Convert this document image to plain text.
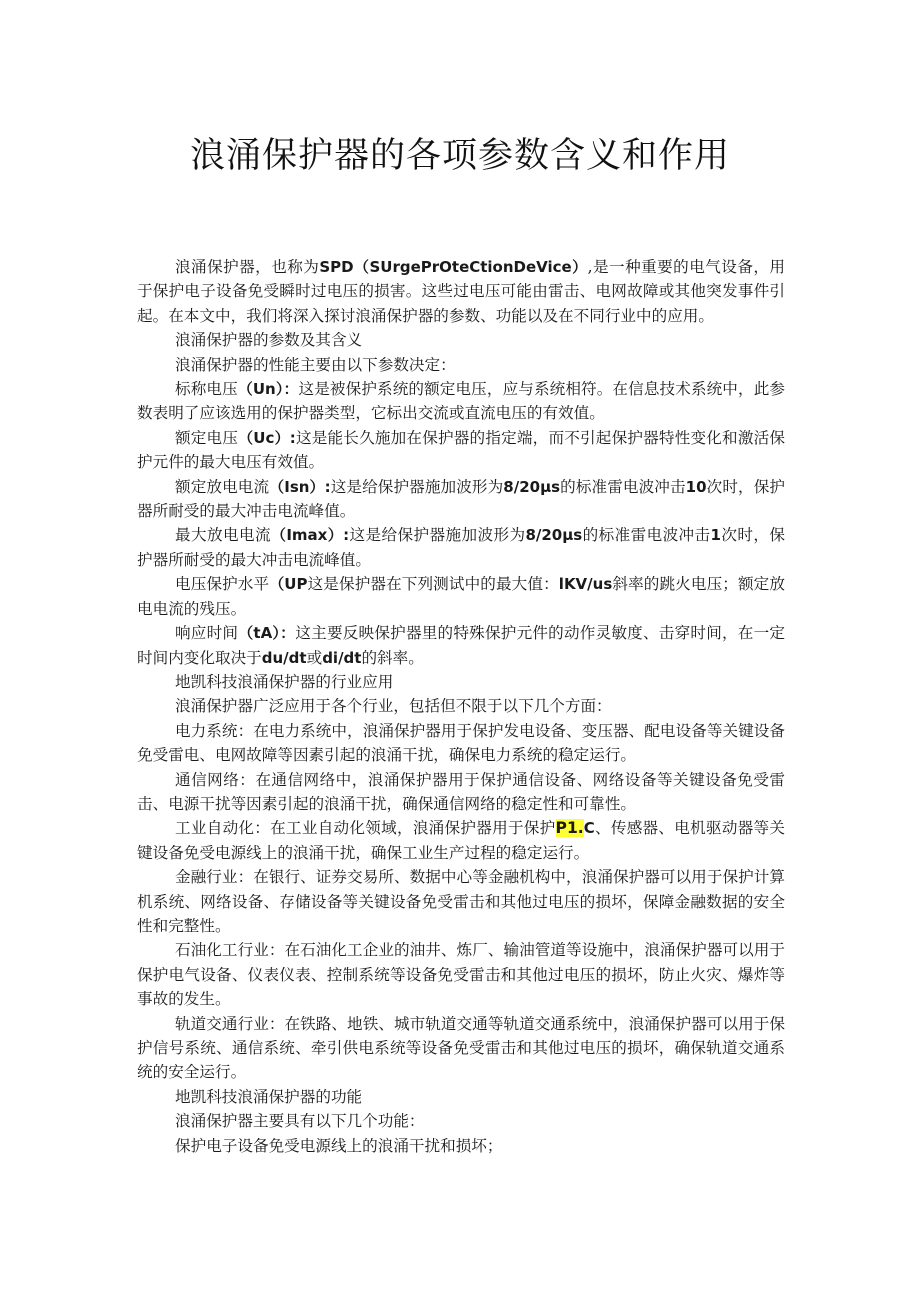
浪涌保护器的各项参数含义和作用

浪涌保护器，也称为SPD（SUrgePrOteCtionDeVice）,是一种重要的电气设备，用于保护电子设备免受瞬时过电压的损害。这些过电压可能由雷击、电网故障或其他突发事件引起。在本文中，我们将深入探讨浪涌保护器的参数、功能以及在不同行业中的应用。

浪涌保护器的参数及其含义

浪涌保护器的性能主要由以下参数决定：

标称电压（Un）：这是被保护系统的额定电压，应与系统相符。在信息技术系统中，此参数表明了应该选用的保护器类型，它标出交流或直流电压的有效值。

额定电压（Uc）:这是能长久施加在保护器的指定端，而不引起保护器特性变化和激活保护元件的最大电压有效值。

额定放电电流（Isn）:这是给保护器施加波形为8/20μs的标准雷电波冲击10次时，保护器所耐受的最大冲击电流峰值。

最大放电电流（Imax）:这是给保护器施加波形为8/20μs的标准雷电波冲击1次时，保护器所耐受的最大冲击电流峰值。

电压保护水平（UP这是保护器在下列测试中的最大值：lKV/us斜率的跳火电压；额定放电电流的残压。

响应时间（tA）：这主要反映保护器里的特殊保护元件的动作灵敏度、击穿时间，在一定时间内变化取决于du/dt或di/dt的斜率。

地凯科技浪涌保护器的行业应用

浪涌保护器广泛应用于各个行业，包括但不限于以下几个方面：

电力系统：在电力系统中，浪涌保护器用于保护发电设备、变压器、配电设备等关键设备免受雷电、电网故障等因素引起的浪涌干扰，确保电力系统的稳定运行。

通信网络：在通信网络中，浪涌保护器用于保护通信设备、网络设备等关键设备免受雷击、电源干扰等因素引起的浪涌干扰，确保通信网络的稳定性和可靠性。

工业自动化：在工业自动化领域，浪涌保护器用于保护P1.C、传感器、电机驱动器等关键设备免受电源线上的浪涌干扰，确保工业生产过程的稳定运行。

金融行业：在银行、证券交易所、数据中心等金融机构中，浪涌保护器可以用于保护计算机系统、网络设备、存储设备等关键设备免受雷击和其他过电压的损坏，保障金融数据的安全性和完整性。

石油化工行业：在石油化工企业的油井、炼厂、输油管道等设施中，浪涌保护器可以用于保护电气设备、仪表仪表、控制系统等设备免受雷击和其他过电压的损坏，防止火灾、爆炸等事故的发生。

轨道交通行业：在铁路、地铁、城市轨道交通等轨道交通系统中，浪涌保护器可以用于保护信号系统、通信系统、牵引供电系统等设备免受雷击和其他过电压的损坏，确保轨道交通系统的安全运行。

地凯科技浪涌保护器的功能

浪涌保护器主要具有以下几个功能：

保护电子设备免受电源线上的浪涌干扰和损坏；
